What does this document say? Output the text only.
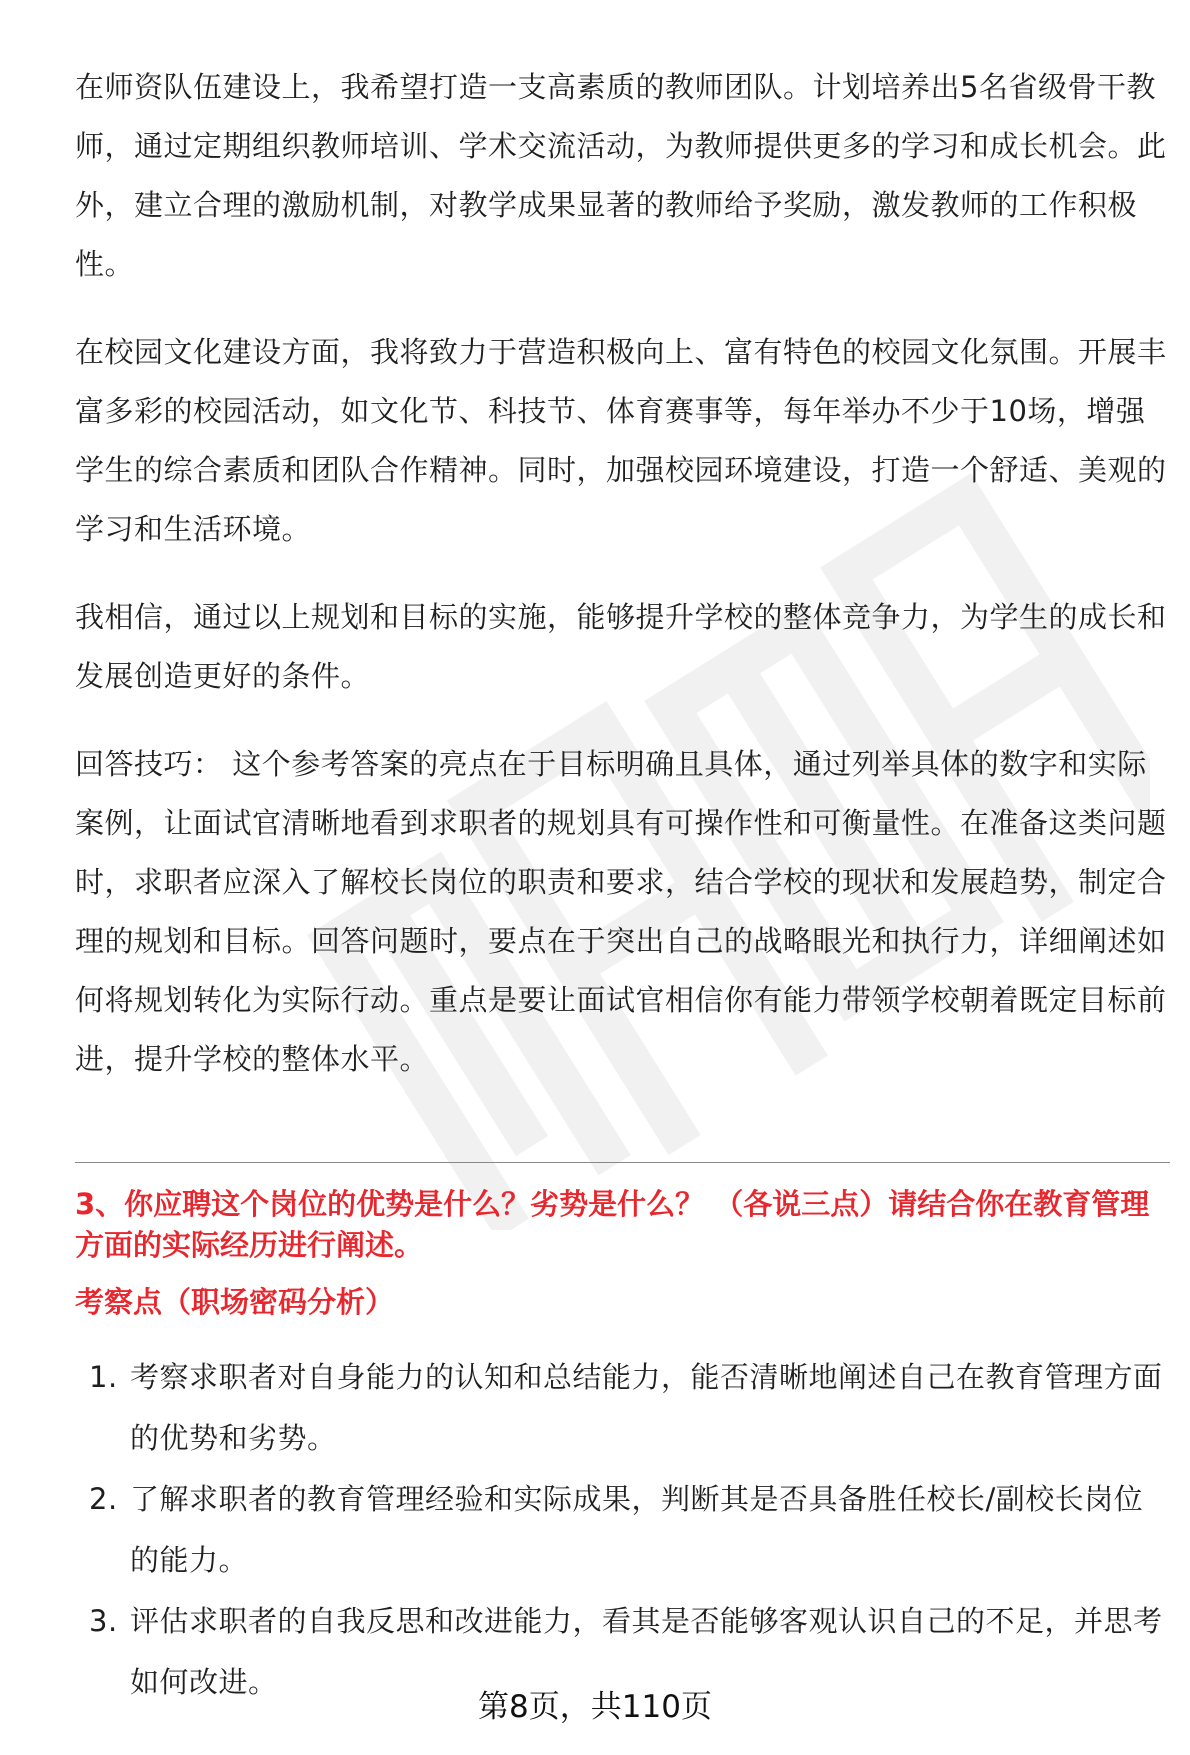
在师资队伍建设上，我希望打造一支高素质的教师团队。计划培养出5名省级骨干教师，通过定期组织教师培训、学术交流活动，为教师提供更多的学习和成长机会。此外，建立合理的激励机制，对教学成果显著的教师给予奖励，激发教师的工作积极性。

在校园文化建设方面，我将致力于营造积极向上、富有特色的校园文化氛围。开展丰富多彩的校园活动，如文化节、科技节、体育赛事等，每年举办不少于10场，增强学生的综合素质和团队合作精神。同时，加强校园环境建设，打造一个舒适、美观的学习和生活环境。

我相信，通过以上规划和目标的实施，能够提升学校的整体竞争力，为学生的成长和发展创造更好的条件。

回答技巧： 这个参考答案的亮点在于目标明确且具体，通过列举具体的数字和实际案例，让面试官清晰地看到求职者的规划具有可操作性和可衡量性。在准备这类问题时，求职者应深入了解校长岗位的职责和要求，结合学校的现状和发展趋势，制定合理的规划和目标。回答问题时，要点在于突出自己的战略眼光和执行力，详细阐述如何将规划转化为实际行动。重点是要让面试官相信你有能力带领学校朝着既定目标前进，提升学校的整体水平。

3、你应聘这个岗位的优势是什么？劣势是什么？ （各说三点）请结合你在教育管理方面的实际经历进行阐述。
考察点（职场密码分析）
1. 考察求职者对自身能力的认知和总结能力，能否清晰地阐述自己在教育管理方面的优势和劣势。
2. 了解求职者的教育管理经验和实际成果，判断其是否具备胜任校长/副校长岗位的能力。
3. 评估求职者的自我反思和改进能力，看其是否能够客观认识自己的不足，并思考如何改进。
第8页，共110页
